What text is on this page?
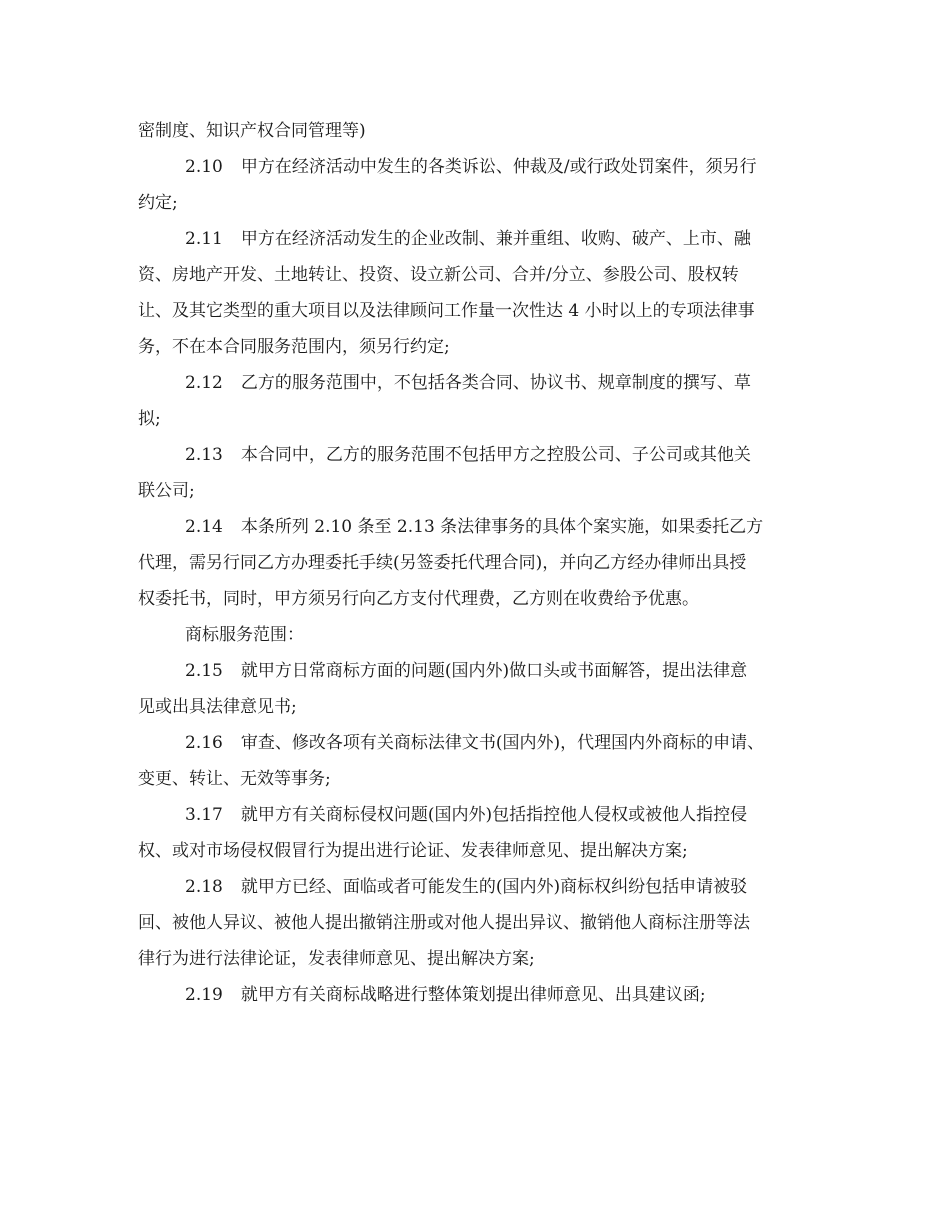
密制度、知识产权合同管理等)
2.10 甲方在经济活动中发生的各类诉讼、仲裁及/或行政处罚案件，须另行
约定;
2.11 甲方在经济活动发生的企业改制、兼并重组、收购、破产、上市、融
资、房地产开发、土地转让、投资、设立新公司、合并/分立、参股公司、股权转
让、及其它类型的重大项目以及法律顾问工作量一次性达 4 小时以上的专项法律事
务，不在本合同服务范围内，须另行约定;
2.12 乙方的服务范围中，不包括各类合同、协议书、规章制度的撰写、草
拟;
2.13 本合同中，乙方的服务范围不包括甲方之控股公司、子公司或其他关
联公司;
2.14 本条所列 2.10 条至 2.13 条法律事务的具体个案实施，如果委托乙方
代理，需另行同乙方办理委托手续(另签委托代理合同)，并向乙方经办律师出具授
权委托书，同时，甲方须另行向乙方支付代理费，乙方则在收费给予优惠。
商标服务范围：
2.15 就甲方日常商标方面的问题(国内外)做口头或书面解答，提出法律意
见或出具法律意见书;
2.16 审查、修改各项有关商标法律文书(国内外)，代理国内外商标的申请、
变更、转让、无效等事务;
3.17 就甲方有关商标侵权问题(国内外)包括指控他人侵权或被他人指控侵
权、或对市场侵权假冒行为提出进行论证、发表律师意见、提出解决方案;
2.18 就甲方已经、面临或者可能发生的(国内外)商标权纠纷包括申请被驳
回、被他人异议、被他人提出撤销注册或对他人提出异议、撤销他人商标注册等法
律行为进行法律论证，发表律师意见、提出解决方案;
2.19 就甲方有关商标战略进行整体策划提出律师意见、出具建议函;
